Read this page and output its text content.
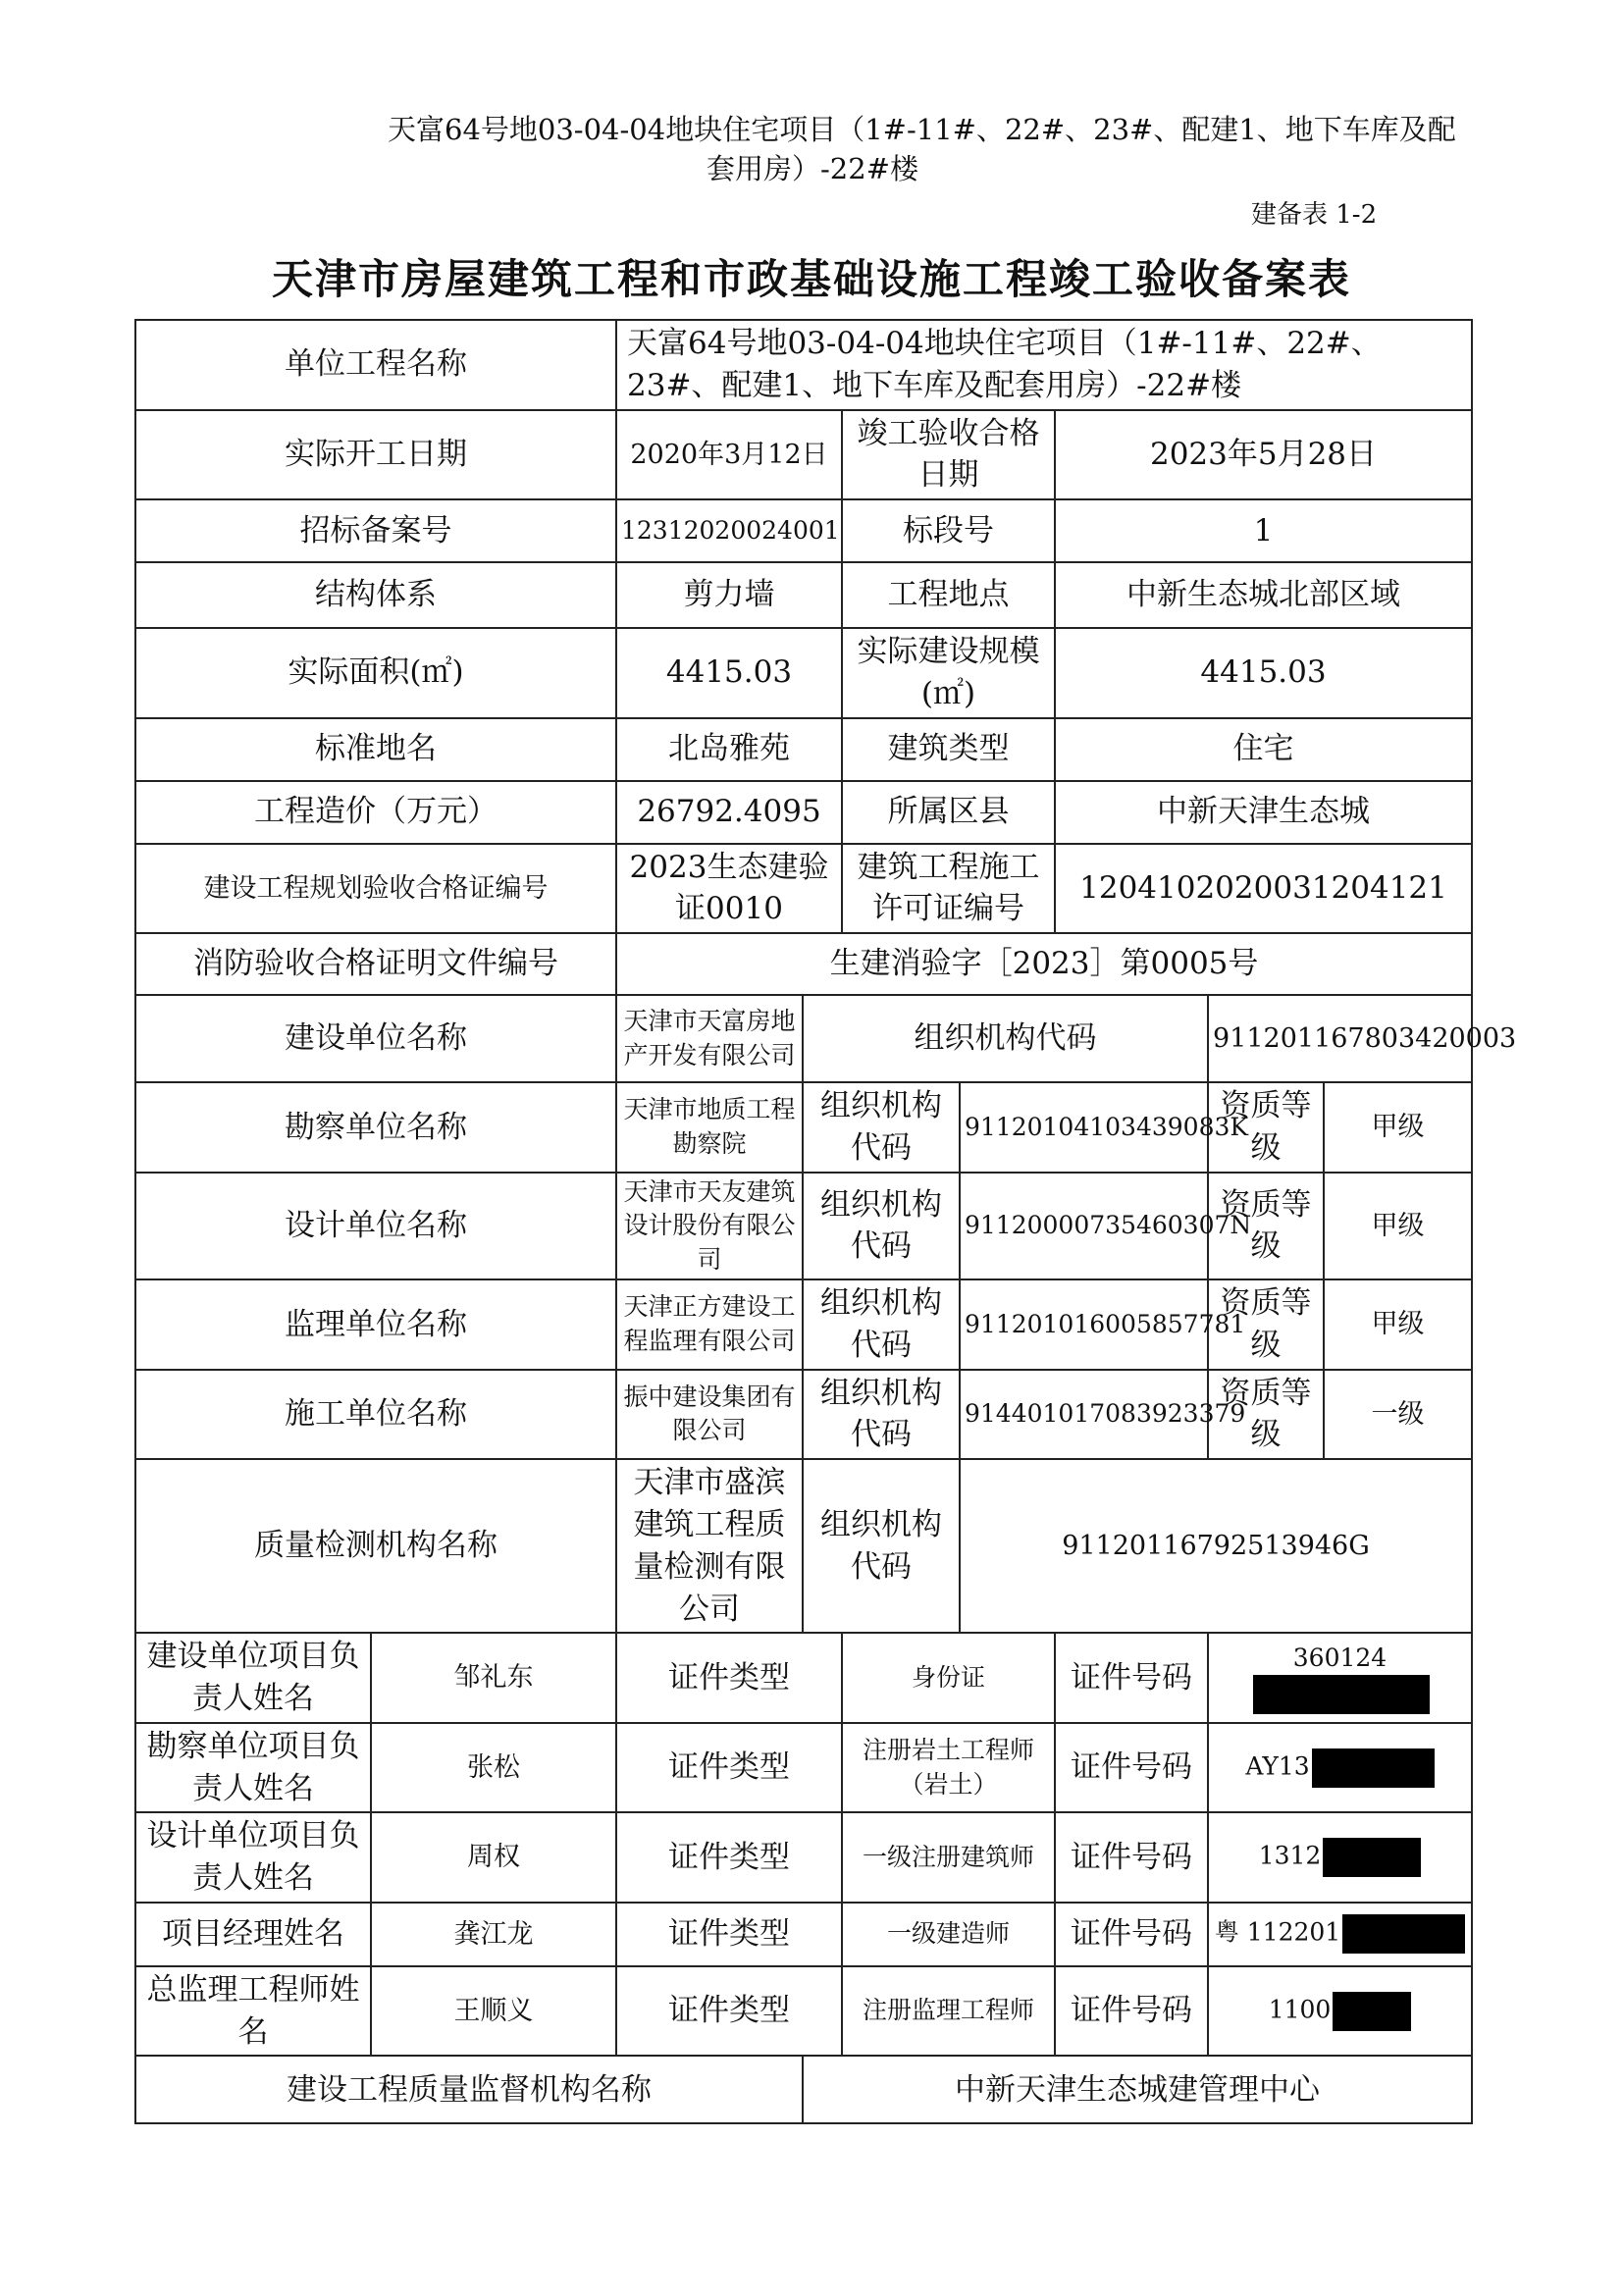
天富64号地03-04-04地块住宅项目（1#-11#、22#、23#、配建1、地下车库及配
套用房）-22#楼
建备表 1-2
天津市房屋建筑工程和市政基础设施工程竣工验收备案表
单位工程名称		天富64号地03-04-04地块住宅项目（1#-11#、22#、23#、配建1、地下车库及配套用房）-22#楼						
实际开工日期		2020年3月12日		竣工验收合格日期		2023年5月28日		
招标备案号		12312020024001		标段号		1		
结构体系		剪力墙		工程地点		中新生态城北部区域		
实际面积(㎡)		4415.03		实际建设规模(㎡)		4415.03		
标准地名		北岛雅苑		建筑类型		住宅		
工程造价（万元）		26792.4095		所属区县		中新天津生态城		
建设工程规划验收合格证编号		2023生态建验证0010		建筑工程施工许可证编号		12041020200312041​21		
消防验收合格证明文件编号		生建消验字［2023］第0005号						
建设单位名称		天津市天富房地产开发有限公司	组织机构代码				911201167803420003	
勘察单位名称		天津市地质工程勘察院	组织机构代码		91120104103439083K		资质等级	甲级
设计单位名称		天津市天友建筑设计股份有限公司	组织机构代码		91120000735460307N		资质等级	甲级
监理单位名称		天津正方建设工程监理有限公司	组织机构代码		911201016005857781		资质等级	甲级
施工单位名称		振中建设集团有限公司	组织机构代码		914401017083923379		资质等级	一级
质量检测机构名称		天津市盛滨建筑工程质量检测有限公司	组织机构代码		91120116792513946G			
建设单位项目负责人姓名	邹礼东	证件类型		身份证		证件号码	360124	
勘察单位项目负责人姓名	张松	证件类型		注册岩土工程师（岩土）		证件号码	AY13	
设计单位项目负责人姓名	周权	证件类型		一级注册建筑师		证件号码	1312	
项目经理姓名	龚江龙	证件类型		一级建造师		证件号码	粤 112201	
总监理工程师姓名	王顺义	证件类型		注册监理工程师		证件号码	1100	
建设工程质量监督机构名称			中新天津生态城建管理中心					
